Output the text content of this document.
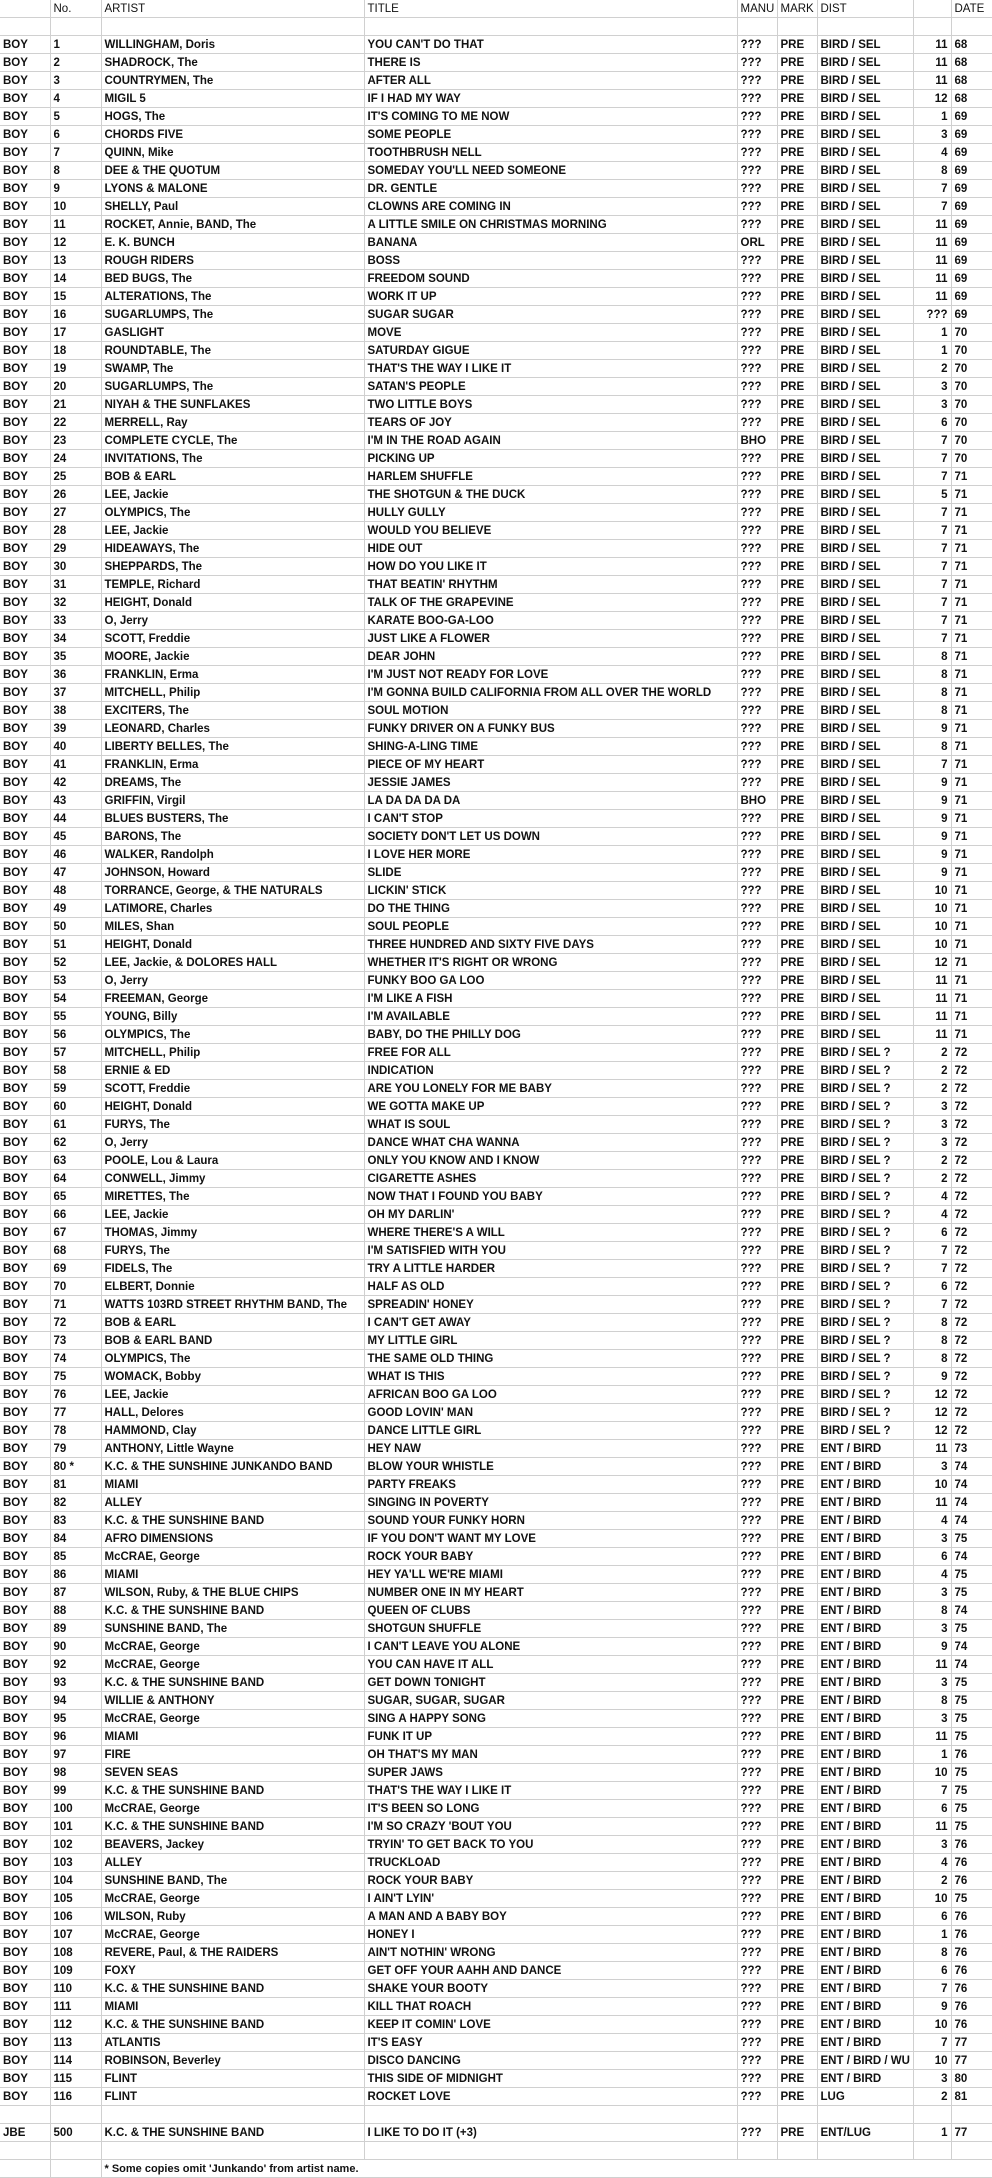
	No.	ARTIST	TITLE	MANU	MARK	DIST		DATE

BOY	1	WILLINGHAM, Doris	YOU CAN'T DO THAT	???	PRE	BIRD / SEL	11	68
BOY	2	SHADROCK, The	THERE IS	???	PRE	BIRD / SEL	11	68
BOY	3	COUNTRYMEN, The	AFTER ALL	???	PRE	BIRD / SEL	11	68
BOY	4	MIGIL 5	IF I HAD MY WAY	???	PRE	BIRD / SEL	12	68
BOY	5	HOGS, The	IT'S COMING TO ME NOW	???	PRE	BIRD / SEL	1	69
BOY	6	CHORDS FIVE	SOME PEOPLE	???	PRE	BIRD / SEL	3	69
BOY	7	QUINN, Mike	TOOTHBRUSH NELL	???	PRE	BIRD / SEL	4	69
BOY	8	DEE & THE QUOTUM	SOMEDAY YOU'LL NEED SOMEONE	???	PRE	BIRD / SEL	8	69
BOY	9	LYONS & MALONE	DR. GENTLE	???	PRE	BIRD / SEL	7	69
BOY	10	SHELLY, Paul	CLOWNS ARE COMING IN	???	PRE	BIRD / SEL	7	69
BOY	11	ROCKET, Annie, BAND, The	A LITTLE SMILE ON CHRISTMAS MORNING	???	PRE	BIRD / SEL	11	69
BOY	12	E. K. BUNCH	BANANA	ORL	PRE	BIRD / SEL	11	69
BOY	13	ROUGH RIDERS	BOSS	???	PRE	BIRD / SEL	11	69
BOY	14	BED BUGS, The	FREEDOM SOUND	???	PRE	BIRD / SEL	11	69
BOY	15	ALTERATIONS, The	WORK IT UP	???	PRE	BIRD / SEL	11	69
BOY	16	SUGARLUMPS, The	SUGAR SUGAR	???	PRE	BIRD / SEL	???	69
BOY	17	GASLIGHT	MOVE	???	PRE	BIRD / SEL	1	70
BOY	18	ROUNDTABLE, The	SATURDAY GIGUE	???	PRE	BIRD / SEL	1	70
BOY	19	SWAMP, The	THAT'S THE WAY I LIKE IT	???	PRE	BIRD / SEL	2	70
BOY	20	SUGARLUMPS, The	SATAN'S PEOPLE	???	PRE	BIRD / SEL	3	70
BOY	21	NIYAH & THE SUNFLAKES	TWO LITTLE BOYS	???	PRE	BIRD / SEL	3	70
BOY	22	MERRELL, Ray	TEARS OF JOY	???	PRE	BIRD / SEL	6	70
BOY	23	COMPLETE CYCLE, The	I'M IN THE ROAD AGAIN	BHO	PRE	BIRD / SEL	7	70
BOY	24	INVITATIONS, The	PICKING UP	???	PRE	BIRD / SEL	7	70
BOY	25	BOB & EARL	HARLEM SHUFFLE	???	PRE	BIRD / SEL	7	71
BOY	26	LEE, Jackie	THE SHOTGUN & THE DUCK	???	PRE	BIRD / SEL	5	71
BOY	27	OLYMPICS, The	HULLY GULLY	???	PRE	BIRD / SEL	7	71
BOY	28	LEE, Jackie	WOULD YOU BELIEVE	???	PRE	BIRD / SEL	7	71
BOY	29	HIDEAWAYS, The	HIDE OUT	???	PRE	BIRD / SEL	7	71
BOY	30	SHEPPARDS, The	HOW DO YOU LIKE IT	???	PRE	BIRD / SEL	7	71
BOY	31	TEMPLE, Richard	THAT BEATIN' RHYTHM	???	PRE	BIRD / SEL	7	71
BOY	32	HEIGHT, Donald	TALK OF THE GRAPEVINE	???	PRE	BIRD / SEL	7	71
BOY	33	O, Jerry	KARATE BOO-GA-LOO	???	PRE	BIRD / SEL	7	71
BOY	34	SCOTT, Freddie	JUST LIKE A FLOWER	???	PRE	BIRD / SEL	7	71
BOY	35	MOORE, Jackie	DEAR JOHN	???	PRE	BIRD / SEL	8	71
BOY	36	FRANKLIN, Erma	I'M JUST NOT READY FOR LOVE	???	PRE	BIRD / SEL	8	71
BOY	37	MITCHELL, Philip	I'M GONNA BUILD CALIFORNIA FROM ALL OVER THE WORLD	???	PRE	BIRD / SEL	8	71
BOY	38	EXCITERS, The	SOUL MOTION	???	PRE	BIRD / SEL	8	71
BOY	39	LEONARD, Charles	FUNKY DRIVER ON A FUNKY BUS	???	PRE	BIRD / SEL	9	71
BOY	40	LIBERTY BELLES, The	SHING-A-LING TIME	???	PRE	BIRD / SEL	8	71
BOY	41	FRANKLIN, Erma	PIECE OF MY HEART	???	PRE	BIRD / SEL	7	71
BOY	42	DREAMS, The	JESSIE JAMES	???	PRE	BIRD / SEL	9	71
BOY	43	GRIFFIN, Virgil	LA DA DA DA DA	BHO	PRE	BIRD / SEL	9	71
BOY	44	BLUES BUSTERS, The	I CAN'T STOP	???	PRE	BIRD / SEL	9	71
BOY	45	BARONS, The	SOCIETY DON'T LET US DOWN	???	PRE	BIRD / SEL	9	71
BOY	46	WALKER, Randolph	I LOVE HER MORE	???	PRE	BIRD / SEL	9	71
BOY	47	JOHNSON, Howard	SLIDE	???	PRE	BIRD / SEL	9	71
BOY	48	TORRANCE, George, & THE NATURALS	LICKIN' STICK	???	PRE	BIRD / SEL	10	71
BOY	49	LATIMORE, Charles	DO THE THING	???	PRE	BIRD / SEL	10	71
BOY	50	MILES, Shan	SOUL PEOPLE	???	PRE	BIRD / SEL	10	71
BOY	51	HEIGHT, Donald	THREE HUNDRED AND SIXTY FIVE DAYS	???	PRE	BIRD / SEL	10	71
BOY	52	LEE, Jackie, & DOLORES HALL	WHETHER IT'S RIGHT OR WRONG	???	PRE	BIRD / SEL	12	71
BOY	53	O, Jerry	FUNKY BOO GA LOO	???	PRE	BIRD / SEL	11	71
BOY	54	FREEMAN, George	I'M LIKE A FISH	???	PRE	BIRD / SEL	11	71
BOY	55	YOUNG, Billy	I'M AVAILABLE	???	PRE	BIRD / SEL	11	71
BOY	56	OLYMPICS, The	BABY, DO THE PHILLY DOG	???	PRE	BIRD / SEL	11	71
BOY	57	MITCHELL, Philip	FREE FOR ALL	???	PRE	BIRD / SEL ?	2	72
BOY	58	ERNIE & ED	INDICATION	???	PRE	BIRD / SEL ?	2	72
BOY	59	SCOTT, Freddie	ARE YOU LONELY FOR ME BABY	???	PRE	BIRD / SEL ?	2	72
BOY	60	HEIGHT, Donald	WE GOTTA MAKE UP	???	PRE	BIRD / SEL ?	3	72
BOY	61	FURYS, The	WHAT IS SOUL	???	PRE	BIRD / SEL ?	3	72
BOY	62	O, Jerry	DANCE WHAT CHA WANNA	???	PRE	BIRD / SEL ?	3	72
BOY	63	POOLE, Lou & Laura	ONLY YOU KNOW AND I KNOW	???	PRE	BIRD / SEL ?	2	72
BOY	64	CONWELL, Jimmy	CIGARETTE ASHES	???	PRE	BIRD / SEL ?	2	72
BOY	65	MIRETTES, The	NOW THAT I FOUND YOU BABY	???	PRE	BIRD / SEL ?	4	72
BOY	66	LEE, Jackie	OH MY DARLIN'	???	PRE	BIRD / SEL ?	4	72
BOY	67	THOMAS, Jimmy	WHERE THERE'S A WILL	???	PRE	BIRD / SEL ?	6	72
BOY	68	FURYS, The	I'M SATISFIED WITH YOU	???	PRE	BIRD / SEL ?	7	72
BOY	69	FIDELS, The	TRY A LITTLE HARDER	???	PRE	BIRD / SEL ?	7	72
BOY	70	ELBERT, Donnie	HALF AS OLD	???	PRE	BIRD / SEL ?	6	72
BOY	71	WATTS 103RD STREET RHYTHM BAND, The	SPREADIN' HONEY	???	PRE	BIRD / SEL ?	7	72
BOY	72	BOB & EARL	I CAN'T GET AWAY	???	PRE	BIRD / SEL ?	8	72
BOY	73	BOB & EARL BAND	MY LITTLE GIRL	???	PRE	BIRD / SEL ?	8	72
BOY	74	OLYMPICS, The	THE SAME OLD THING	???	PRE	BIRD / SEL ?	8	72
BOY	75	WOMACK, Bobby	WHAT IS THIS	???	PRE	BIRD / SEL ?	9	72
BOY	76	LEE, Jackie	AFRICAN BOO GA LOO	???	PRE	BIRD / SEL ?	12	72
BOY	77	HALL, Delores	GOOD LOVIN' MAN	???	PRE	BIRD / SEL ?	12	72
BOY	78	HAMMOND, Clay	DANCE LITTLE GIRL	???	PRE	BIRD / SEL ?	12	72
BOY	79	ANTHONY, Little Wayne	HEY NAW	???	PRE	ENT / BIRD	11	73
BOY	80 *	K.C. & THE SUNSHINE JUNKANDO BAND	BLOW YOUR WHISTLE	???	PRE	ENT / BIRD	3	74
BOY	81	MIAMI	PARTY FREAKS	???	PRE	ENT / BIRD	10	74
BOY	82	ALLEY	SINGING IN POVERTY	???	PRE	ENT / BIRD	11	74
BOY	83	K.C. & THE SUNSHINE BAND	SOUND YOUR FUNKY HORN	???	PRE	ENT / BIRD	4	74
BOY	84	AFRO DIMENSIONS	IF YOU DON'T WANT MY LOVE	???	PRE	ENT / BIRD	3	75
BOY	85	McCRAE, George	ROCK YOUR BABY	???	PRE	ENT / BIRD	6	74
BOY	86	MIAMI	HEY YA'LL WE'RE MIAMI	???	PRE	ENT / BIRD	4	75
BOY	87	WILSON, Ruby, & THE BLUE CHIPS	NUMBER ONE IN MY HEART	???	PRE	ENT / BIRD	3	75
BOY	88	K.C. & THE SUNSHINE BAND	QUEEN OF CLUBS	???	PRE	ENT / BIRD	8	74
BOY	89	SUNSHINE BAND, The	SHOTGUN SHUFFLE	???	PRE	ENT / BIRD	3	75
BOY	90	McCRAE, George	I CAN'T LEAVE YOU ALONE	???	PRE	ENT / BIRD	9	74
BOY	92	McCRAE, George	YOU CAN HAVE IT ALL	???	PRE	ENT / BIRD	11	74
BOY	93	K.C. & THE SUNSHINE BAND	GET DOWN TONIGHT	???	PRE	ENT / BIRD	3	75
BOY	94	WILLIE & ANTHONY	SUGAR, SUGAR, SUGAR	???	PRE	ENT / BIRD	8	75
BOY	95	McCRAE, George	SING A HAPPY SONG	???	PRE	ENT / BIRD	3	75
BOY	96	MIAMI	FUNK IT UP	???	PRE	ENT / BIRD	11	75
BOY	97	FIRE	OH THAT'S MY MAN	???	PRE	ENT / BIRD	1	76
BOY	98	SEVEN SEAS	SUPER JAWS	???	PRE	ENT / BIRD	10	75
BOY	99	K.C. & THE SUNSHINE BAND	THAT'S THE WAY I LIKE IT	???	PRE	ENT / BIRD	7	75
BOY	100	McCRAE, George	IT'S BEEN SO LONG	???	PRE	ENT / BIRD	6	75
BOY	101	K.C. & THE SUNSHINE BAND	I'M SO CRAZY 'BOUT YOU	???	PRE	ENT / BIRD	11	75
BOY	102	BEAVERS, Jackey	TRYIN' TO GET BACK TO YOU	???	PRE	ENT / BIRD	3	76
BOY	103	ALLEY	TRUCKLOAD	???	PRE	ENT / BIRD	4	76
BOY	104	SUNSHINE BAND, The	ROCK YOUR BABY	???	PRE	ENT / BIRD	2	76
BOY	105	McCRAE, George	I AIN'T LYIN'	???	PRE	ENT / BIRD	10	75
BOY	106	WILSON, Ruby	A MAN AND A BABY BOY	???	PRE	ENT / BIRD	6	76
BOY	107	McCRAE, George	HONEY I	???	PRE	ENT / BIRD	1	76
BOY	108	REVERE, Paul, & THE RAIDERS	AIN'T NOTHIN' WRONG	???	PRE	ENT / BIRD	8	76
BOY	109	FOXY	GET OFF YOUR AAHH AND DANCE	???	PRE	ENT / BIRD	6	76
BOY	110	K.C. & THE SUNSHINE BAND	SHAKE YOUR BOOTY	???	PRE	ENT / BIRD	7	76
BOY	111	MIAMI	KILL THAT ROACH	???	PRE	ENT / BIRD	9	76
BOY	112	K.C. & THE SUNSHINE BAND	KEEP IT COMIN' LOVE	???	PRE	ENT / BIRD	10	76
BOY	113	ATLANTIS	IT'S EASY	???	PRE	ENT / BIRD	7	77
BOY	114	ROBINSON, Beverley	DISCO DANCING	???	PRE	ENT / BIRD / WU	10	77
BOY	115	FLINT	THIS SIDE OF MIDNIGHT	???	PRE	ENT / BIRD	3	80
BOY	116	FLINT	ROCKET LOVE	???	PRE	LUG	2	81

JBE	500	K.C. & THE SUNSHINE BAND	I LIKE TO DO IT (+3)	???	PRE	ENT/LUG	1	77

		* Some copies omit 'Junkando' from artist name.						
